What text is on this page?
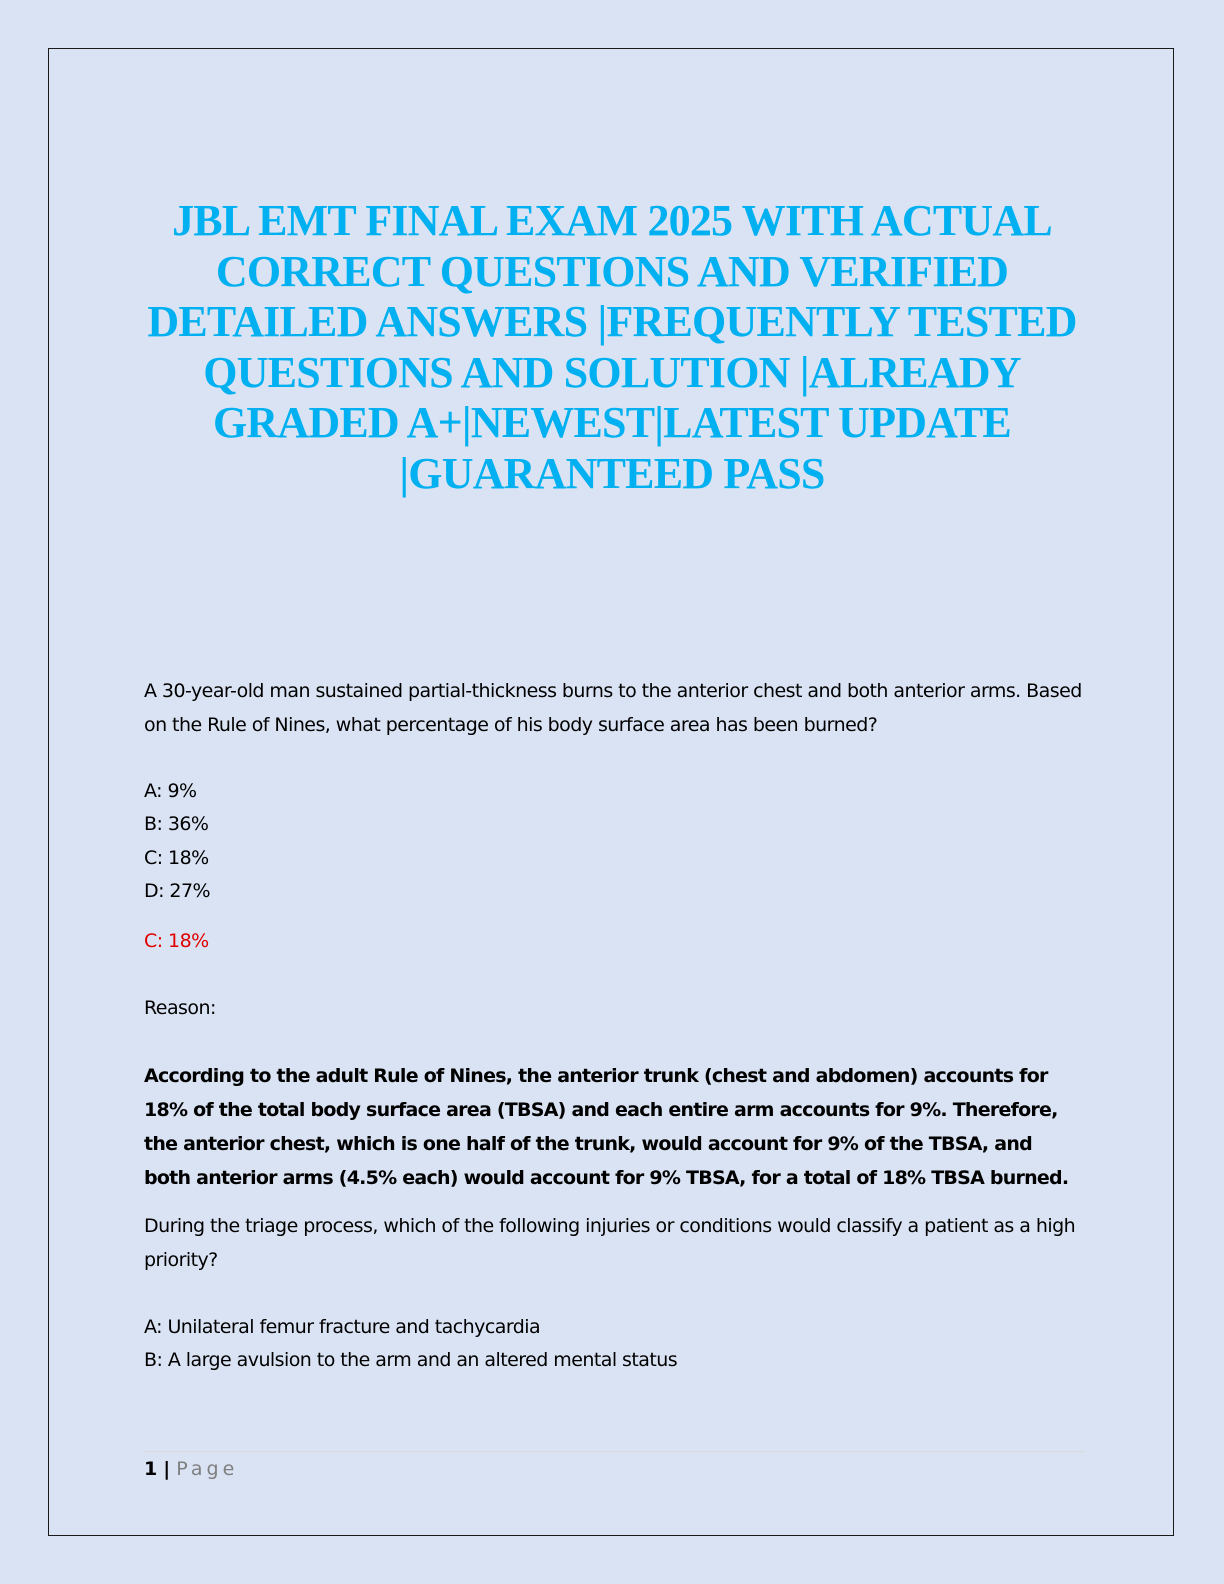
JBL EMT FINAL EXAM 2025 WITH ACTUAL CORRECT QUESTIONS AND VERIFIED DETAILED ANSWERS |FREQUENTLY TESTED QUESTIONS AND SOLUTION |ALREADY GRADED A+|NEWEST|LATEST UPDATE |GUARANTEED PASS

A 30-year-old man sustained partial-thickness burns to the anterior chest and both anterior arms. Based on the Rule of Nines, what percentage of his body surface area has been burned?

A: 9%

B: 36%

C: 18%

D: 27%

C: 18%

Reason:

According to the adult Rule of Nines, the anterior trunk (chest and abdomen) accounts for 18% of the total body surface area (TBSA) and each entire arm accounts for 9%. Therefore, the anterior chest, which is one half of the trunk, would account for 9% of the TBSA, and both anterior arms (4.5% each) would account for 9% TBSA, for a total of 18% TBSA burned.

During the triage process, which of the following injuries or conditions would classify a patient as a high priority?

A: Unilateral femur fracture and tachycardia

B: A large avulsion to the arm and an altered mental status

1 | Page
